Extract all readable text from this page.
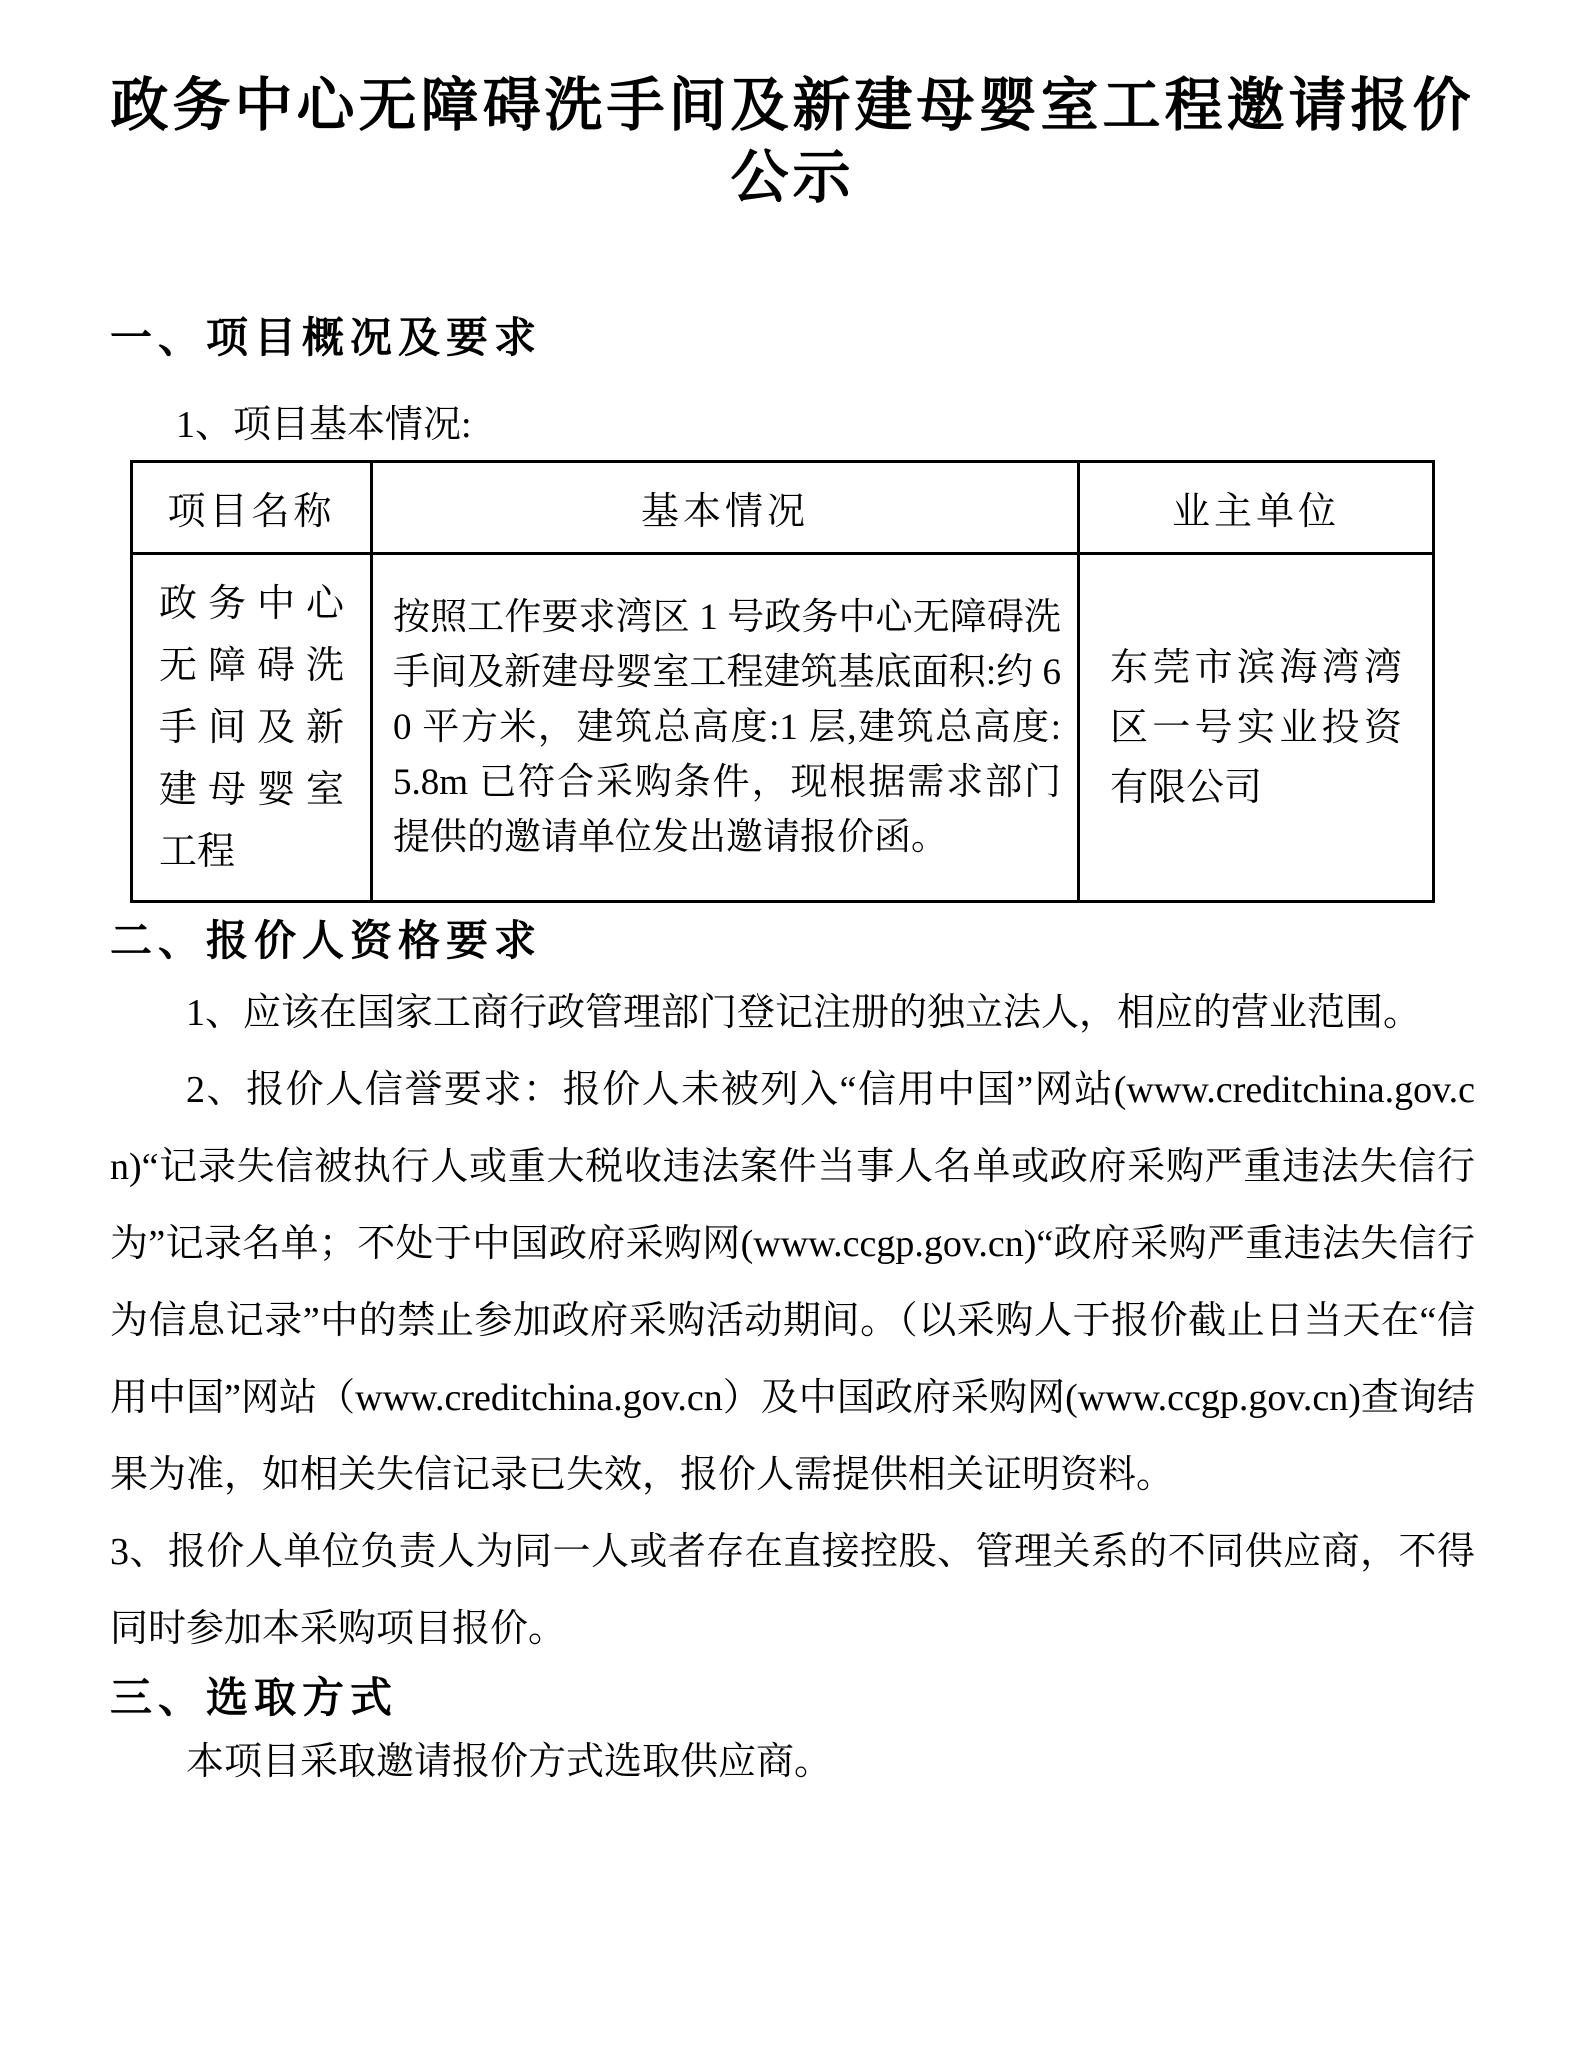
政务中心无障碍洗手间及新建母婴室工程邀请报价公示
一、项目概况及要求

1、项目基本情况:

项目名称	基本情况	业主单位
政务中心无障碍洗手间及新建母婴室工程	按照工作要求湾区 1 号政务中心无障碍洗手间及新建母婴室工程建筑基底面积:约 60 平方米，建筑总高度:1 层,建筑总高度:5.8m 已符合采购条件，现根据需求部门提供的邀请单位发出邀请报价函。	东莞市滨海湾湾区一号实业投资有限公司
二、报价人资格要求

1、应该在国家工商行政管理部门登记注册的独立法人，相应的营业范围。

2、报价人信誉要求：报价人未被列入“信用中国”网站(www.creditchina.gov.cn)“记录失信被执行人或重大税收违法案件当事人名单或政府采购严重违法失信行为”记录名单；不处于中国政府采购网(www.ccgp.gov.cn)“政府采购严重违法失信行为信息记录”中的禁止参加政府采购活动期间。（以采购人于报价截止日当天在“信用中国”网站（www.creditchina.gov.cn）及中国政府采购网(www.ccgp.gov.cn)查询结果为准，如相关失信记录已失效，报价人需提供相关证明资料。

3、报价人单位负责人为同一人或者存在直接控股、管理关系的不同供应商，不得同时参加本采购项目报价。

三、选取方式

本项目采取邀请报价方式选取供应商。
